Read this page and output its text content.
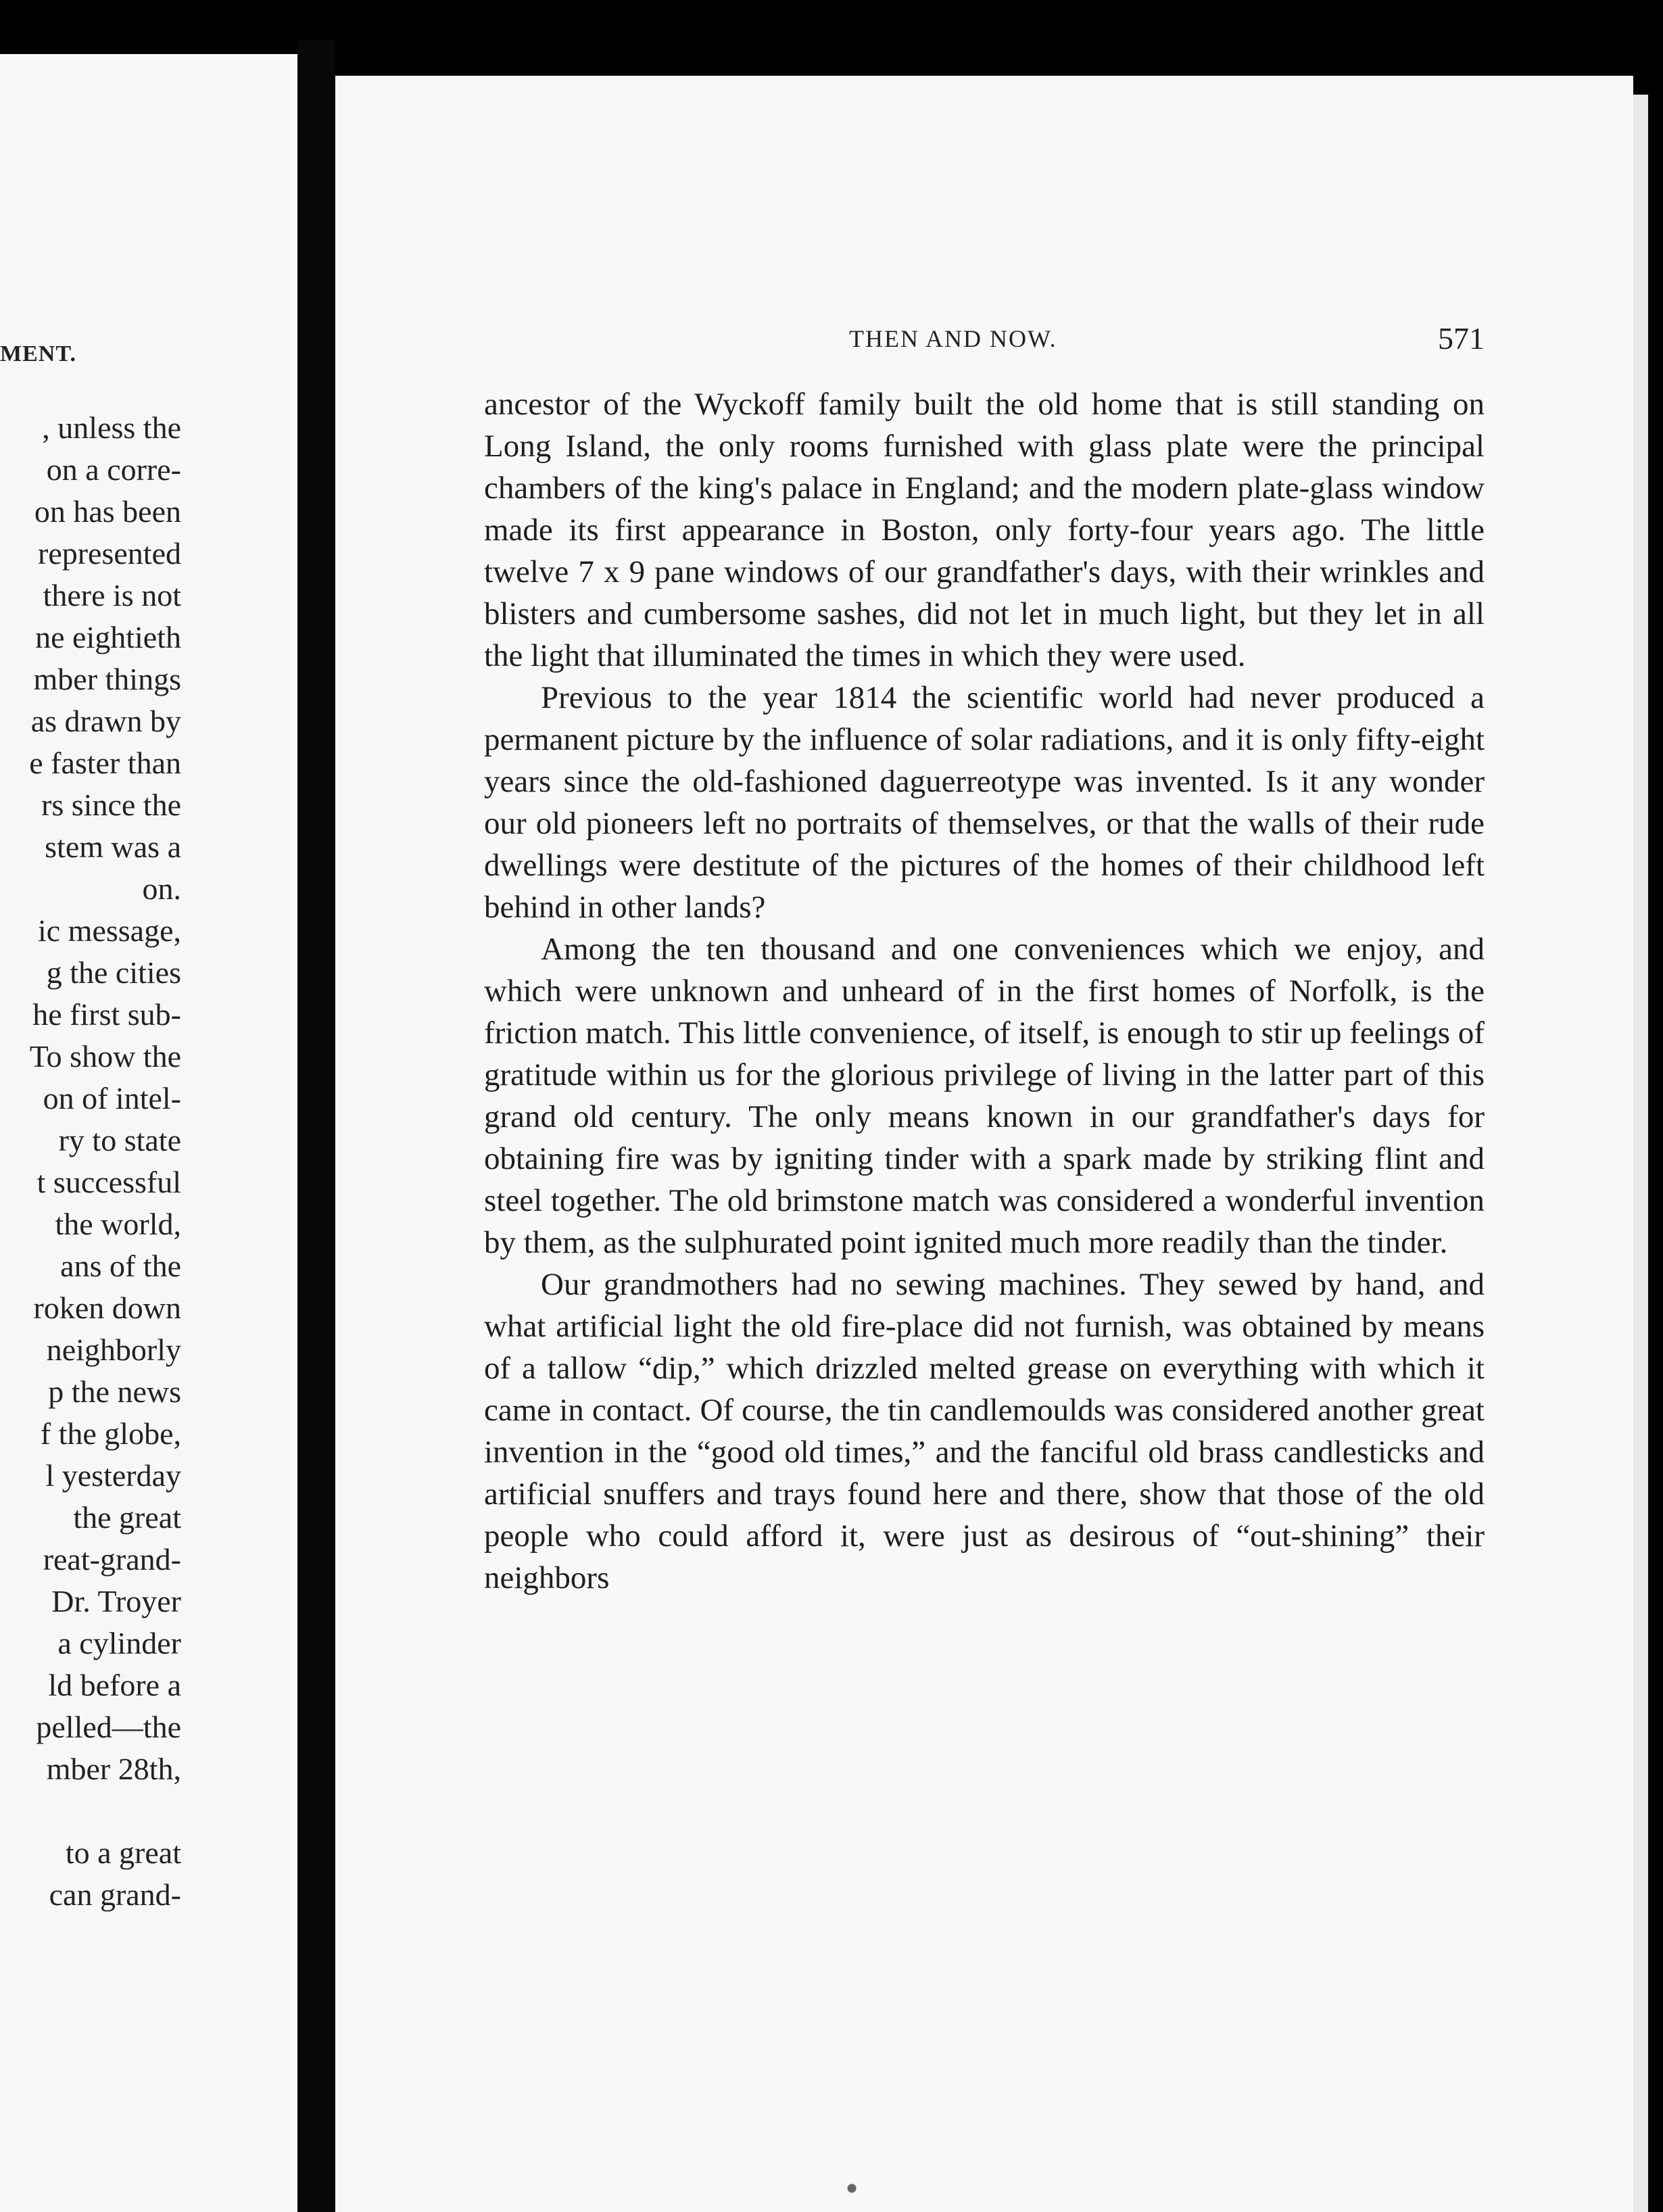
MENT.
, unless the
on a corre-
on has been
represented
there is not
ne eightieth
mber things
as drawn by
e faster than
rs since the
stem was a
on.
ic message,
g the cities
he first sub-
To show the
on of intel-
ry to state
t successful
the world,
ans of the
roken down
neighborly
p the news
f the globe,
l yesterday
the great
reat-grand-
Dr. Troyer
a cylinder
ld before a
pelled—the
mber 28th,
to a great
can grand-
THEN AND NOW.	571

ancestor of the Wyckoff family built the old home that is still standing on Long Island, the only rooms furnished with glass plate were the principal chambers of the king's palace in England; and the modern plate-glass window made its first appearance in Boston, only forty-four years ago. The little twelve 7 x 9 pane windows of our grandfather's days, with their wrinkles and blisters and cumbersome sashes, did not let in much light, but they let in all the light that illuminated the times in which they were used.

Previous to the year 1814 the scientific world had never produced a permanent picture by the influence of solar radiations, and it is only fifty-eight years since the old-fashioned daguerreotype was invented. Is it any wonder our old pioneers left no portraits of themselves, or that the walls of their rude dwellings were destitute of the pictures of the homes of their childhood left behind in other lands?

Among the ten thousand and one conveniences which we enjoy, and which were unknown and unheard of in the first homes of Norfolk, is the friction match. This little convenience, of itself, is enough to stir up feelings of gratitude within us for the glorious privilege of living in the latter part of this grand old century. The only means known in our grandfather's days for obtaining fire was by igniting tinder with a spark made by striking flint and steel together. The old brimstone match was considered a wonderful invention by them, as the sulphurated point ignited much more readily than the tinder.

Our grandmothers had no sewing machines. They sewed by hand, and what artificial light the old fire-place did not furnish, was obtained by means of a tallow “dip,” which drizzled melted grease on everything with which it came in contact. Of course, the tin candlemoulds was considered another great invention in the “good old times,” and the fanciful old brass candlesticks and artificial snuffers and trays found here and there, show that those of the old people who could afford it, were just as desirous of “out-shining” their neighbors
